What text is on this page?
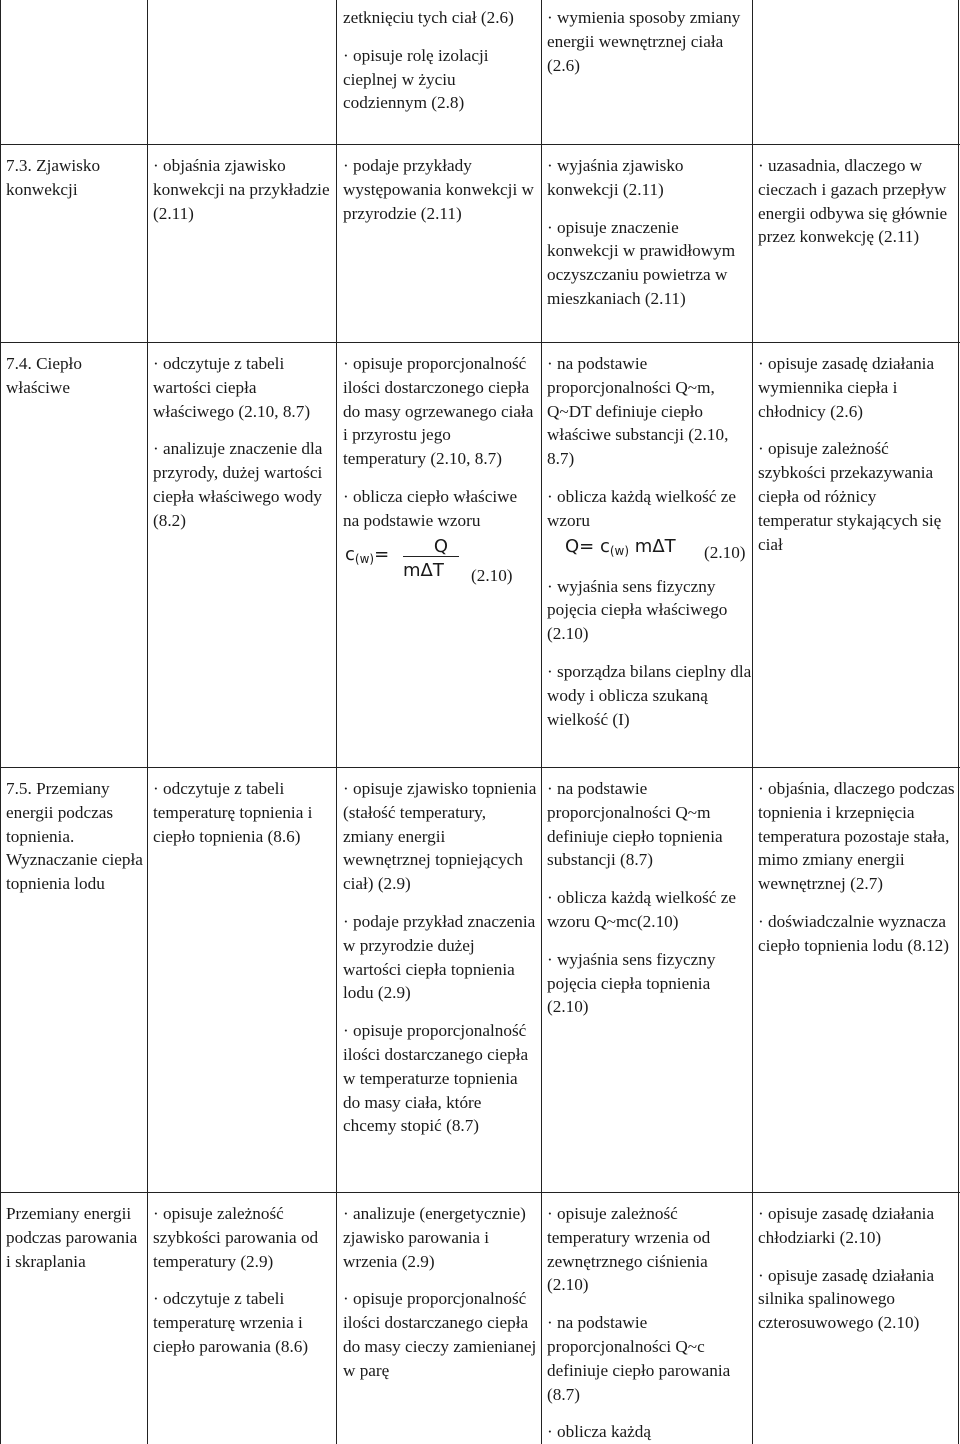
zetknięciu tych ciał (2.6)

· opisuje rolę izolacji cieplnej w życiu codziennym (2.8)

· wymienia sposoby zmiany energii wewnętrznej ciała (2.6)

7.3. Zjawisko konwekcji

· objaśnia zjawisko konwekcji na przykładzie (2.11)

· podaje przykłady występowania konwekcji w przyrodzie (2.11)

· wyjaśnia zjawisko konwekcji (2.11)

· opisuje znaczenie konwekcji w prawidłowym oczyszczaniu powietrza w mieszkaniach (2.11)

· uzasadnia, dlaczego w cieczach i gazach przepływ energii odbywa się głównie przez konwekcję (2.11)

7.4. Ciepło właściwe

· odczytuje z tabeli wartości ciepła właściwego (2.10, 8.7)

· analizuje znaczenie dla przyrody, dużej wartości ciepła właściwego wody (8.2)

· opisuje proporcjonalność ilości dostarczonego ciepła do masy ogrzewanego ciała i przyrostu jego temperatury (2.10, 8.7)

· oblicza ciepło właściwe na podstawie wzoru

c(w)=	Q
mΔT (2.10)

· na podstawie proporcjonalności Q~m, Q~DT definiuje ciepło właściwe substancji (2.10, 8.7)

· oblicza każdą wielkość ze wzoru

Q= c(w) mΔT (2.10)

· wyjaśnia sens fizyczny pojęcia ciepła właściwego (2.10)

· sporządza bilans cieplny dla wody i oblicza szukaną wielkość (I)

· opisuje zasadę działania wymiennika ciepła i chłodnicy (2.6)

· opisuje zależność szybkości przekazywania ciepła od różnicy temperatur stykających się ciał

7.5. Przemiany energii podczas topnienia. Wyznaczanie ciepła topnienia lodu

· odczytuje z tabeli temperaturę topnienia i ciepło topnienia (8.6)

· opisuje zjawisko topnienia (stałość temperatury, zmiany energii wewnętrznej topniejących ciał) (2.9)

· podaje przykład znaczenia w przyrodzie dużej wartości ciepła topnienia lodu (2.9)

· opisuje proporcjonalność ilości dostarczanego ciepła w temperaturze topnienia do masy ciała, które chcemy stopić (8.7)

· na podstawie proporcjonalności Q~m definiuje ciepło topnienia substancji (8.7)

· oblicza każdą wielkość ze wzoru Q~mc(2.10)

· wyjaśnia sens fizyczny pojęcia ciepła topnienia (2.10)

· objaśnia, dlaczego podczas topnienia i krzepnięcia temperatura pozostaje stała, mimo zmiany energii wewnętrznej (2.7)

· doświadczalnie wyznacza ciepło topnienia lodu (8.12)

Przemiany energii podczas parowania i skraplania

· opisuje zależność szybkości parowania od temperatury (2.9)

· odczytuje z tabeli temperaturę wrzenia i ciepło parowania (8.6)

· analizuje (energetycznie) zjawisko parowania i wrzenia (2.9)

· opisuje proporcjonalność ilości dostarczanego ciepła do masy cieczy zamienianej w parę

· opisuje zależność temperatury wrzenia od zewnętrznego ciśnienia (2.10)

· na podstawie proporcjonalności Q~c definiuje ciepło parowania (8.7)

· oblicza każdą

· opisuje zasadę działania chłodziarki (2.10)

· opisuje zasadę działania silnika spalinowego czterosuwowego (2.10)
